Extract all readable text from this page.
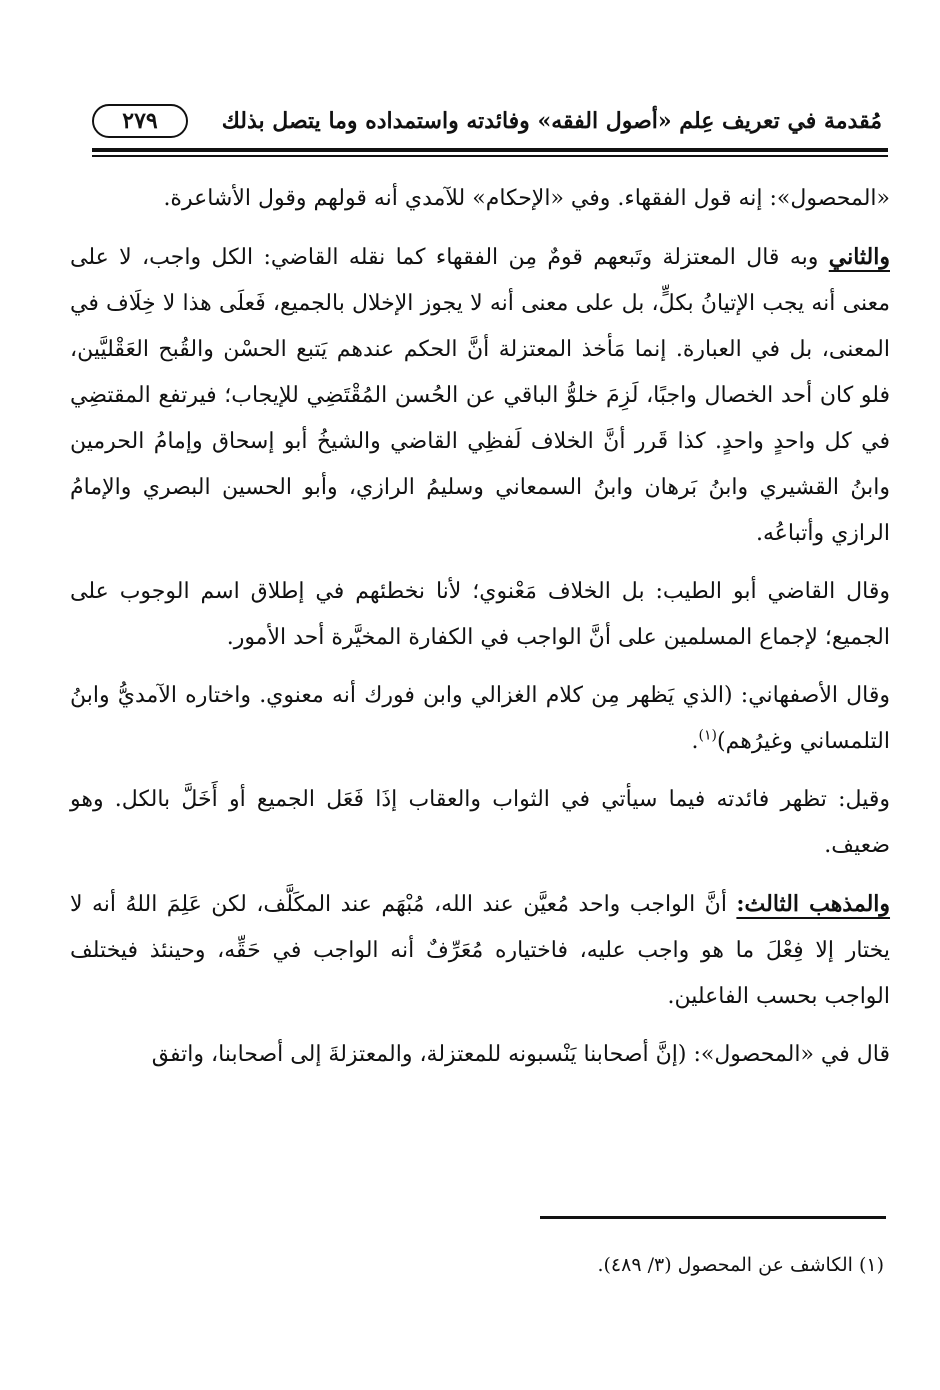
مُقدمة في تعريف عِلم «أصول الفقه» وفائدته واستمداده وما يتصل بذلك
٢٧٩

«المحصول»: إنه قول الفقهاء. وفي «الإحكام» للآمدي أنه قولهم وقول الأشاعرة.

والثاني وبه قال المعتزلة وتَبعهم قومٌ مِن الفقهاء كما نقله القاضي: الكل واجب، لا على معنى أنه يجب الإتيانُ بكلٍّ، بل على معنى أنه لا يجوز الإخلال بالجميع، فَعلَى هذا لا خِلَاف في المعنى، بل في العبارة. إنما مَأخذ المعتزلة أنَّ الحكم عندهم يَتبع الحسْن والقُبح العَقْليَّين، فلو كان أحد الخصال واجبًا، لَزِمَ خلوُّ الباقي عن الحُسن المُقْتَضِي للإيجاب؛ فيرتفع المقتضِي في كل واحدٍ واحدٍ. كذا قَرر أنَّ الخلاف لَفظِي القاضي والشيخُ أبو إسحاق وإمامُ الحرمين وابنُ القشيري وابنُ بَرهان وابنُ السمعاني وسليمُ الرازي، وأبو الحسين البصري والإمامُ الرازي وأتباعُه.

وقال القاضي أبو الطيب: بل الخلاف مَعْنوي؛ لأنا نخطئهم في إطلاق اسم الوجوب على الجميع؛ لإجماع المسلمين على أنَّ الواجب في الكفارة المخيَّرة أحد الأمور.

وقال الأصفهاني: (الذي يَظهر مِن كلام الغزالي وابن فورك أنه معنوي. واختاره الآمديُّ وابنُ التلمساني وغيرُهم)$^{(١)}$.

وقيل: تظهر فائدته فيما سيأتي في الثواب والعقاب إذَا فَعَل الجميع أو أَخَلَّ بالكل. وهو ضعيف.

والمذهب الثالث: أنَّ الواجب واحد مُعيَّن عند الله، مُبْهَم عند المكَلَّف، لكن عَلِمَ اللهُ أنه لا يختار إلا فِعْلَ ما هو واجب عليه، فاختياره مُعَرِّفٌ أنه الواجب في حَقِّه، وحينئذ فيختلف الواجب بحسب الفاعلين.

قال في «المحصول»: (إنَّ أصحابنا يَنْسبونه للمعتزلة، والمعتزلةَ إلى أصحابنا، واتفق

(١) الكاشف عن المحصول (٣/ ٤٨٩).
